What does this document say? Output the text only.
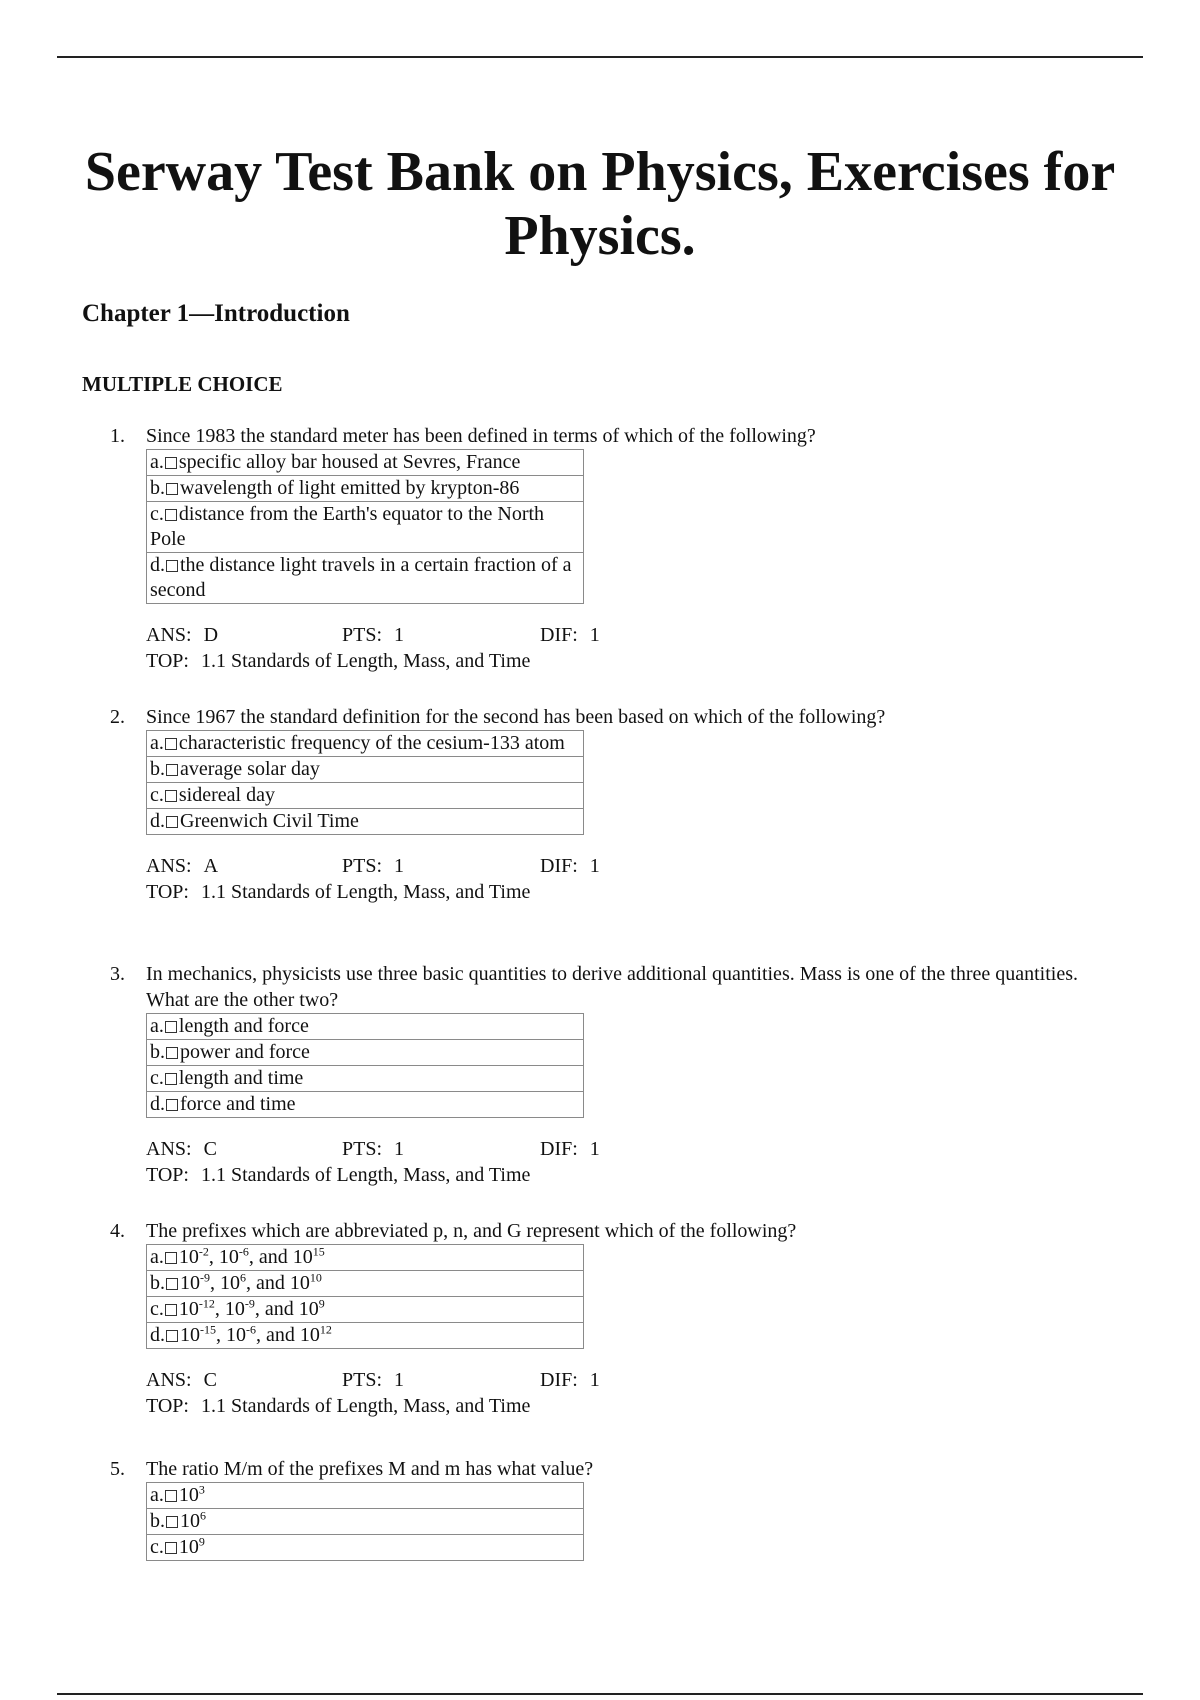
Serway Test Bank on Physics, Exercises for Physics.
Chapter 1—Introduction
MULTIPLE CHOICE
1. Since 1983 the standard meter has been defined in terms of which of the following?
a. specific alloy bar housed at Sevres, France
b. wavelength of light emitted by krypton-86
c. distance from the Earth's equator to the North Pole
d. the distance light travels in a certain fraction of a second
ANS: D	PTS: 1	DIF: 1
TOP: 1.1 Standards of Length, Mass, and Time
2. Since 1967 the standard definition for the second has been based on which of the following?
a. characteristic frequency of the cesium-133 atom
b. average solar day
c. sidereal day
d. Greenwich Civil Time
ANS: A	PTS: 1	DIF: 1
TOP: 1.1 Standards of Length, Mass, and Time
3. In mechanics, physicists use three basic quantities to derive additional quantities. Mass is one of the three quantities. What are the other two?
a. length and force
b. power and force
c. length and time
d. force and time
ANS: C	PTS: 1	DIF: 1
TOP: 1.1 Standards of Length, Mass, and Time
4. The prefixes which are abbreviated p, n, and G represent which of the following?
a. $10^{-2}$, $10^{-6}$, and $10^{15}$
b. $10^{-9}$, $10^6$, and $10^{10}$
c. $10^{-12}$, $10^{-9}$, and $10^9$
d. $10^{-15}$, $10^{-6}$, and $10^{12}$
ANS: C	PTS: 1	DIF: 1
TOP: 1.1 Standards of Length, Mass, and Time
5. The ratio M/m of the prefixes M and m has what value?
a. $10^3$
b. $10^6$
c. $10^9$
